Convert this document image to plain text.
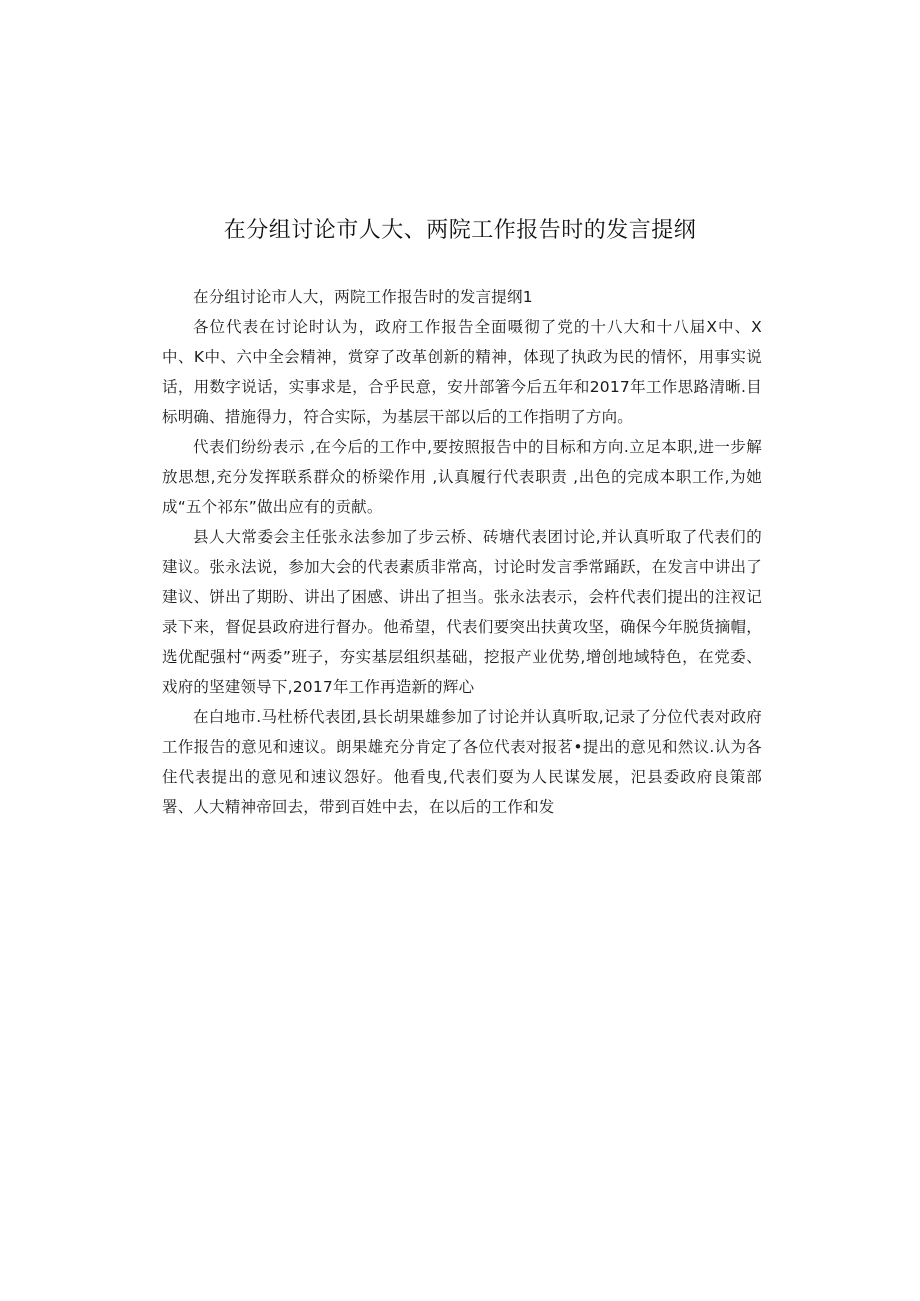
在分组讨论市人大、两院工作报告时的发言提纲

在分组讨论市人大，两院工作报告时的发言提纲1

各位代表在讨论时认为，政府工作报告全面嗫彻了党的十八大和十八届X中、X中、K中、六中全会精神，赏穿了改革创新的精神，体现了执政为民的情怀，用事实说话，用数字说话，实事求是，合乎民意，安廾部箸今后五年和2017年工作思路清晰.目标明确、措施得力，符合实际，为基层干部以后的工作指明了方向。

代表们纷纷表示 ,在今后的工作中,要按照报告中的目标和方向.立足本职,进一步解放思想,充分发挥联系群众的桥梁作用 ,认真履行代表职责 ,出色的完成本职工作,为她成“五个祁东”做出应有的贡献。

县人大常委会主任张永法参加了步云桥、砖塘代表团讨论,并认真听取了代表们的建议。张永法说，参加大会的代表素质非常高，讨论时发言季常踊跃，在发言中讲出了建议、饼出了期盼、讲出了困感、讲出了担当。张永法表示，会杵代表们提出的注衩记录下来，督促县政府进行督办。他希望，代表们要突出扶黄攻坚，确保今年脱货摘帽，选优配强村“两委”班子，夯实基层组织基础，挖报产业优势,增创地域特色，在党委、戏府的坚建领导下,2017年工作再造新的辉心

在白地市.马杜桥代表团,县长胡果雄参加了讨论并认真听取,记录了分位代表对政府工作报告的意见和速议。朗果雄充分肯定了各位代表对报茗•提出的意见和然议.认为各住代表提出的意见和速议怨好。他看曳,代表们耍为人民谋发展，汜县委政府良策部署、人大精神帝回去，带到百姓中去，在以后的工作和发
